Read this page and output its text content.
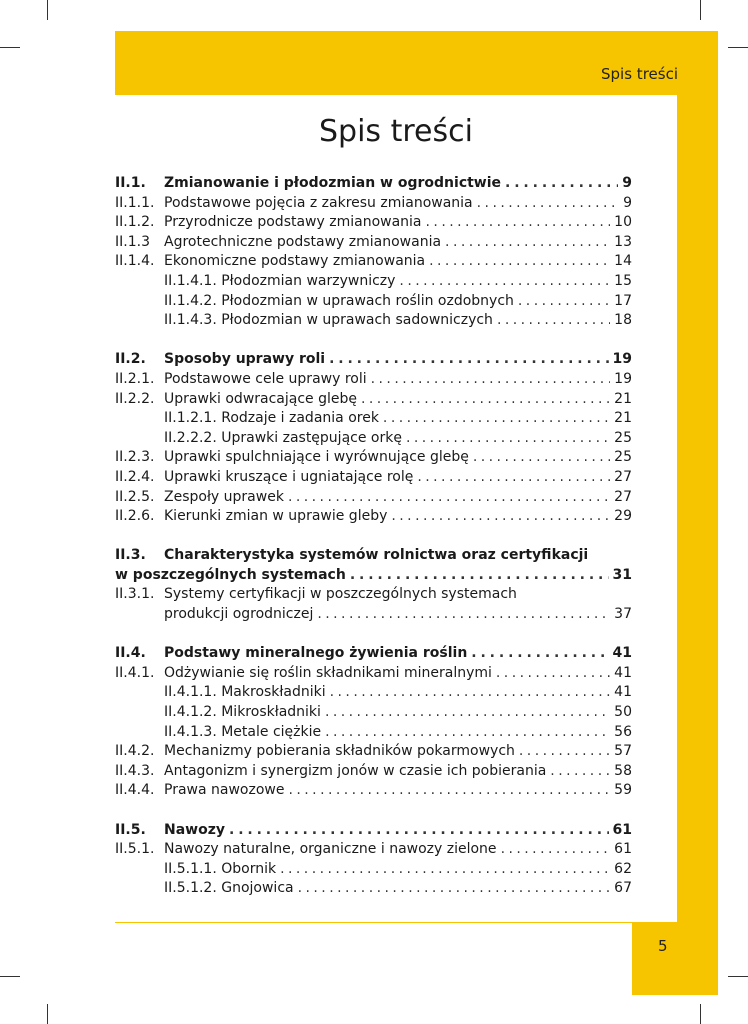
Spis treści
5
Spis treści
II.1. Zmianowanie i płodozmian w ogrodnictwie . . .	9
II.1.1. Podstawowe pojęcia z zakresu zmianowania . . .	9
II.1.2. Przyrodnicze podstawy zmianowania . . .	10
II.1.3 Agrotechniczne podstawy zmianowania . . .	13
II.1.4. Ekonomiczne podstawy zmianowania . . .	14
II.1.4.1. Płodozmian warzywniczy . . .	15
II.1.4.2. Płodozmian w uprawach roślin ozdobnych . . .	17
II.1.4.3. Płodozmian w uprawach sadowniczych . . .	18
II.2. Sposoby uprawy roli . . .	19
II.2.1. Podstawowe cele uprawy roli . . .	19
II.2.2. Uprawki odwracające glebę . . .	21
II.1.2.1. Rodzaje i zadania orek . . .	21
II.2.2.2. Uprawki zastępujące orkę . . .	25
II.2.3. Uprawki spulchniające i wyrównujące glebę . . .	25
II.2.4. Uprawki kruszące i ugniatające rolę . . .	27
II.2.5. Zespoły uprawek . . .	27
II.2.6. Kierunki zmian w uprawie gleby . . .	29
II.3. Charakterystyka systemów rolnictwa oraz certyfikacji
w poszczególnych systemach . . .	31
II.3.1. Systemy certyfikacji w poszczególnych systemach
produkcji ogrodniczej . . .	37
II.4. Podstawy mineralnego żywienia roślin . . .	41
II.4.1. Odżywianie się roślin składnikami mineralnymi . . .	41
II.4.1.1. Makroskładniki . . .	41
II.4.1.2. Mikroskładniki . . .	50
II.4.1.3. Metale ciężkie . . .	56
II.4.2. Mechanizmy pobierania składników pokarmowych . . .	57
II.4.3. Antagonizm i synergizm jonów w czasie ich pobierania . . .	58
II.4.4. Prawa nawozowe . . .	59
II.5. Nawozy . . .	61
II.5.1. Nawozy naturalne, organiczne i nawozy zielone . . .	61
II.5.1.1. Obornik . . .	62
II.5.1.2. Gnojowica . . .	67
